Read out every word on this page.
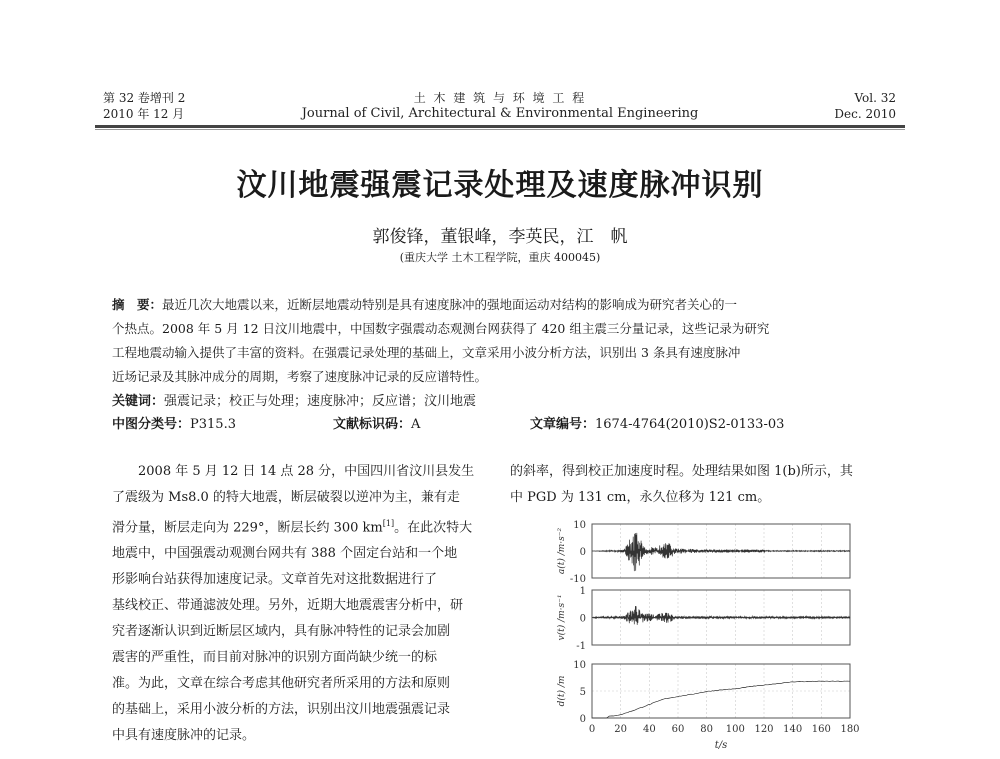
第 32 卷增刊 2
2010 年 12 月
土 木 建 筑 与 环 境 工 程
Journal of Civil, Architectural & Environmental Engineering
Vol. 32
Dec. 2010
汶川地震强震记录处理及速度脉冲识别
郭俊锋，董银峰，李英民，江　帆
(重庆大学 土木工程学院，重庆 400045)
摘　要：最近几次大地震以来，近断层地震动特别是具有速度脉冲的强地面运动对结构的影响成为研究者关心的一
个热点。2008 年 5 月 12 日汶川地震中，中国数字强震动态观测台网获得了 420 组主震三分量记录，这些记录为研究
工程地震动输入提供了丰富的资料。在强震记录处理的基础上，文章采用小波分析方法，识别出 3 条具有速度脉冲
近场记录及其脉冲成分的周期，考察了速度脉冲记录的反应谱特性。
关键词：强震记录；校正与处理；速度脉冲；反应谱；汶川地震
中图分类号：P315.3	文献标识码：A	文章编号：1674-4764(2010)S2-0133-03
　　2008 年 5 月 12 日 14 点 28 分，中国四川省汶川县发生
了震级为 Ms8.0 的特大地震，断层破裂以逆冲为主，兼有走
滑分量，断层走向为 229°，断层长约 300 km[1]。在此次特大
地震中，中国强震动观测台网共有 388 个固定台站和一个地
形影响台站获得加速度记录。文章首先对这批数据进行了
基线校正、带通滤波处理。另外，近期大地震震害分析中，研
究者逐渐认识到近断层区域内，具有脉冲特性的记录会加剧
震害的严重性，而目前对脉冲的识别方面尚缺少统一的标
准。为此，文章在综合考虑其他研究者所采用的方法和原则
的基础上，采用小波分析的方法，识别出汶川地震强震记录
中具有速度脉冲的记录。
的斜率，得到校正加速度时程。处理结果如图 1(b)所示，其
中 PGD 为 131 cm，永久位移为 121 cm。
10
0
-10
a(t) /m·s⁻²
1
0
-1
v(t) /m·s⁻¹
10
5
0
d(t) /m
0 20 40 60 80 100 120 140 160 180
t/s
